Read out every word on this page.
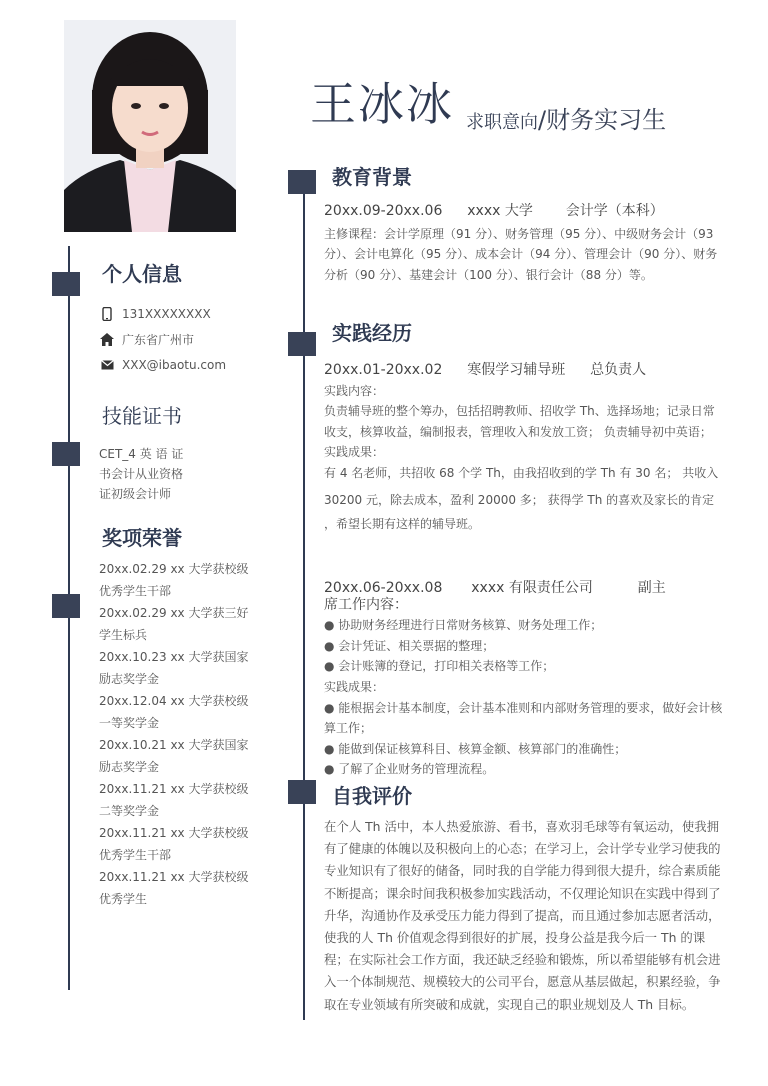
王冰冰 求职意向/财务实习生
个人信息
131XXXXXXXX
广东省广州市
XXX@ibaotu.com
技能证书
CET_4 英 语 证
书会计从业资格
证初级会计师
奖项荣誉
20xx.02.29 xx 大学获校级优秀学生干部
20xx.02.29 xx 大学获三好学生标兵
20xx.10.23 xx 大学获国家励志奖学金
20xx.12.04 xx 大学获校级一等奖学金
20xx.10.21 xx 大学获国家励志奖学金
20xx.11.21 xx 大学获校级二等奖学金
20xx.11.21 xx 大学获校级优秀学生干部
20xx.11.21 xx 大学获校级优秀学生
教育背景
20xx.09-20xx.06 xxxx 大学 会计学（本科）
主修课程：会计学原理（91 分）、财务管理（95 分）、中级财务会计（93 分）、会计电算化（95 分）、成本会计（94 分）、管理会计（90 分）、财务分析（90 分）、基建会计（100 分）、银行会计（88 分）等。
实践经历
20xx.01-20xx.02 寒假学习辅导班 总负责人
实践内容：
负责辅导班的整个筹办，包括招聘教师、招收学 Th、选择场地；记录日常收支，核算收益，编制报表，管理收入和发放工资； 负责辅导初中英语；
实践成果：
有 4 名老师，共招收 68 个学 Th，由我招收到的学 Th 有 30 名； 共收入
30200 元，除去成本，盈利 20000 多； 获得学 Th 的喜欢及家长的肯定
，希望长期有这样的辅导班。
20xx.06-20xx.08 xxxx 有限责任公司	副主
席工作内容：
● 协助财务经理进行日常财务核算、财务处理工作；
● 会计凭证、相关票据的整理；
● 会计账簿的登记，打印相关表格等工作；
实践成果：
● 能根据会计基本制度，会计基本准则和内部财务管理的要求，做好会计核算工作；
● 能做到保证核算科目、核算金额、核算部门的准确性；
● 了解了企业财务的管理流程。
自我评价
在个人 Th 活中，本人热爱旅游、看书，喜欢羽毛球等有氧运动，使我拥有了健康的体魄以及积极向上的心态；在学习上，会计学专业学习使我的专业知识有了很好的储备，同时我的自学能力得到很大提升，综合素质能不断提高；课余时间我积极参加实践活动，不仅理论知识在实践中得到了升华，沟通协作及承受压力能力得到了提高，而且通过参加志愿者活动，使我的人 Th 价值观念得到很好的扩展，投身公益是我今后一 Th 的课程；在实际社会工作方面，我还缺乏经验和锻炼，所以希望能够有机会进入一个体制规范、规模较大的公司平台，愿意从基层做起，积累经验，争取在专业领域有所突破和成就，实现自己的职业规划及人 Th 目标。
